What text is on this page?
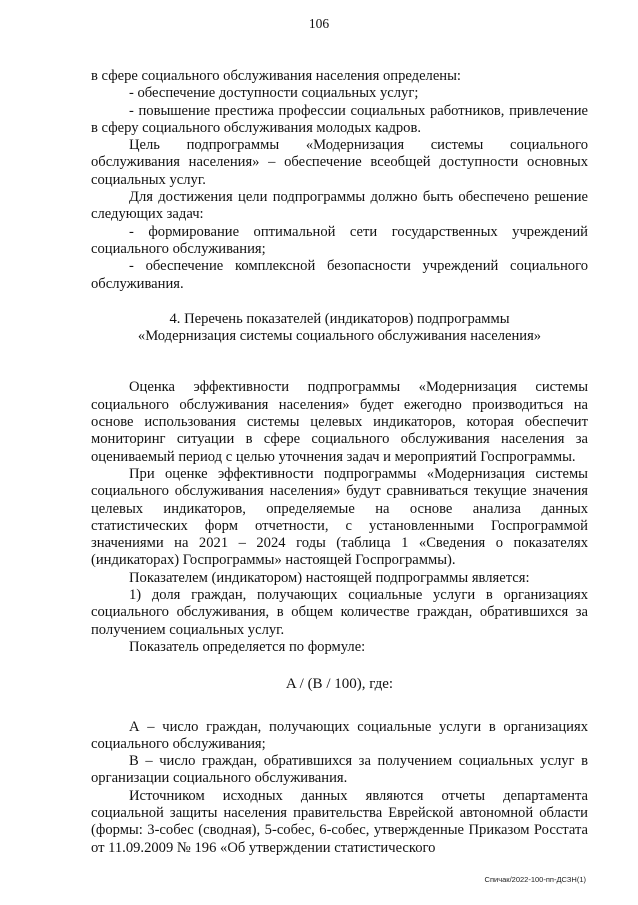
106

в сфере социального обслуживания населения определены:

- обеспечение доступности социальных услуг;

- повышение престижа профессии социальных работников, привлечение в сферу социального обслуживания молодых кадров.

Цель подпрограммы «Модернизация системы социального обслуживания населения» – обеспечение всеобщей доступности основных социальных услуг.

Для достижения цели подпрограммы должно быть обеспечено решение следующих задач:

- формирование оптимальной сети государственных учреждений социального обслуживания;

- обеспечение комплексной безопасности учреждений социального обслуживания.

4. Перечень показателей (индикаторов) подпрограммы
«Модернизация системы социального обслуживания населения»

Оценка эффективности подпрограммы «Модернизация системы социального обслуживания населения» будет ежегодно производиться на основе использования системы целевых индикаторов, которая обеспечит мониторинг ситуации в сфере социального обслуживания населения за оцениваемый период с целью уточнения задач и мероприятий Госпрограммы.

При оценке эффективности подпрограммы «Модернизация системы социального обслуживания населения» будут сравниваться текущие значения целевых индикаторов, определяемые на основе анализа данных статистических форм отчетности, с установленными Госпрограммой значениями на 2021 – 2024 годы (таблица 1 «Сведения о показателях (индикаторах) Госпрограммы» настоящей Госпрограммы).

Показателем (индикатором) настоящей подпрограммы является:

1) доля граждан, получающих социальные услуги в организациях социального обслуживания, в общем количестве граждан, обратившихся за получением социальных услуг.

Показатель определяется по формуле:

A / (B / 100), где:

А – число граждан, получающих социальные услуги в организациях социального обслуживания;

В – число граждан, обратившихся за получением социальных услуг в организации социального обслуживания.

Источником исходных данных являются отчеты департамента социальной защиты населения правительства Еврейской автономной области (формы: 3-собес (сводная), 5-собес, 6-собес, утвержденные Приказом Росстата от 11.09.2009 № 196 «Об утверждении статистического

Спичак/2022-100-пп-ДСЗН(1)
